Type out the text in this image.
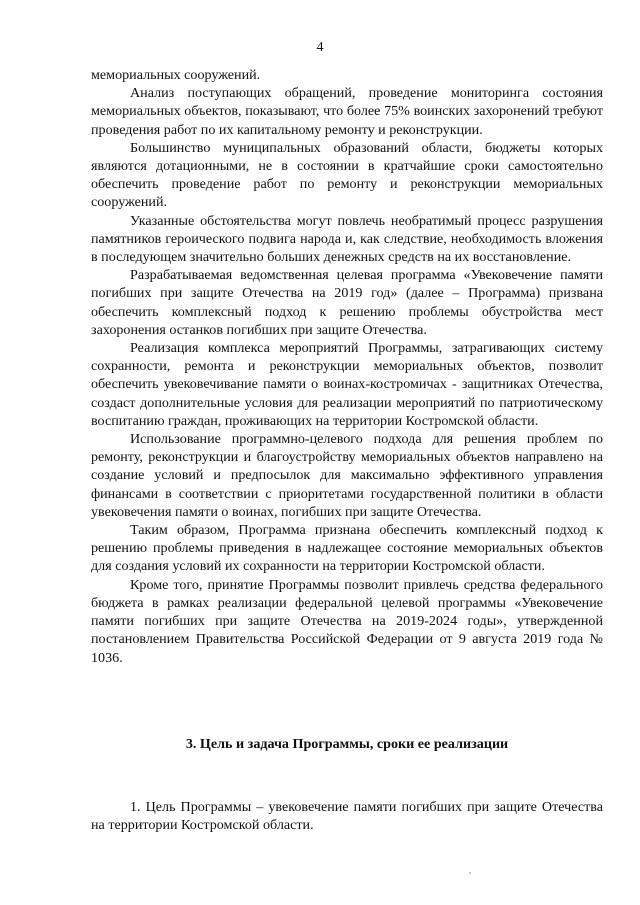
4

мемориальных сооружений.

Анализ поступающих обращений, проведение мониторинга состояния мемориальных объектов, показывают, что более 75% воинских захоронений требуют проведения работ по их капитальному ремонту и реконструкции.

Большинство муниципальных образований области, бюджеты которых являются дотационными, не в состоянии в кратчайшие сроки самостоятельно обеспечить проведение работ по ремонту и реконструкции мемориальных сооружений.

Указанные обстоятельства могут повлечь необратимый процесс разрушения памятников героического подвига народа и, как следствие, необходимость вложения в последующем значительно больших денежных средств на их восстановление.

Разрабатываемая ведомственная целевая программа «Увековечение памяти погибших при защите Отечества на 2019 год» (далее – Программа) призвана обеспечить комплексный подход к решению проблемы обустройства мест захоронения останков погибших при защите Отечества.

Реализация комплекса мероприятий Программы, затрагивающих систему сохранности, ремонта и реконструкции мемориальных объектов, позволит обеспечить увековечивание памяти о воинах-костромичах - защитниках Отечества, создаст дополнительные условия для реализации мероприятий по патриотическому воспитанию граждан, проживающих на территории Костромской области.

Использование программно-целевого подхода для решения проблем по ремонту, реконструкции и благоустройству мемориальных объектов направлено на создание условий и предпосылок для максимально эффективного управления финансами в соответствии с приоритетами государственной политики в области увековечения памяти о воинах, погибших при защите Отечества.

Таким образом, Программа признана обеспечить комплексный подход к решению проблемы приведения в надлежащее состояние мемориальных объектов для создания условий их сохранности на территории Костромской области.

Кроме того, принятие Программы позволит привлечь средства федерального бюджета в рамках реализации федеральной целевой программы «Увековечение памяти погибших при защите Отечества на 2019-2024 годы», утвержденной постановлением Правительства Российской Федерации от 9 августа 2019 года № 1036.

3. Цель и задача Программы, сроки ее реализации

1. Цель Программы – увековечение памяти погибших при защите Отечества на территории Костромской области.
